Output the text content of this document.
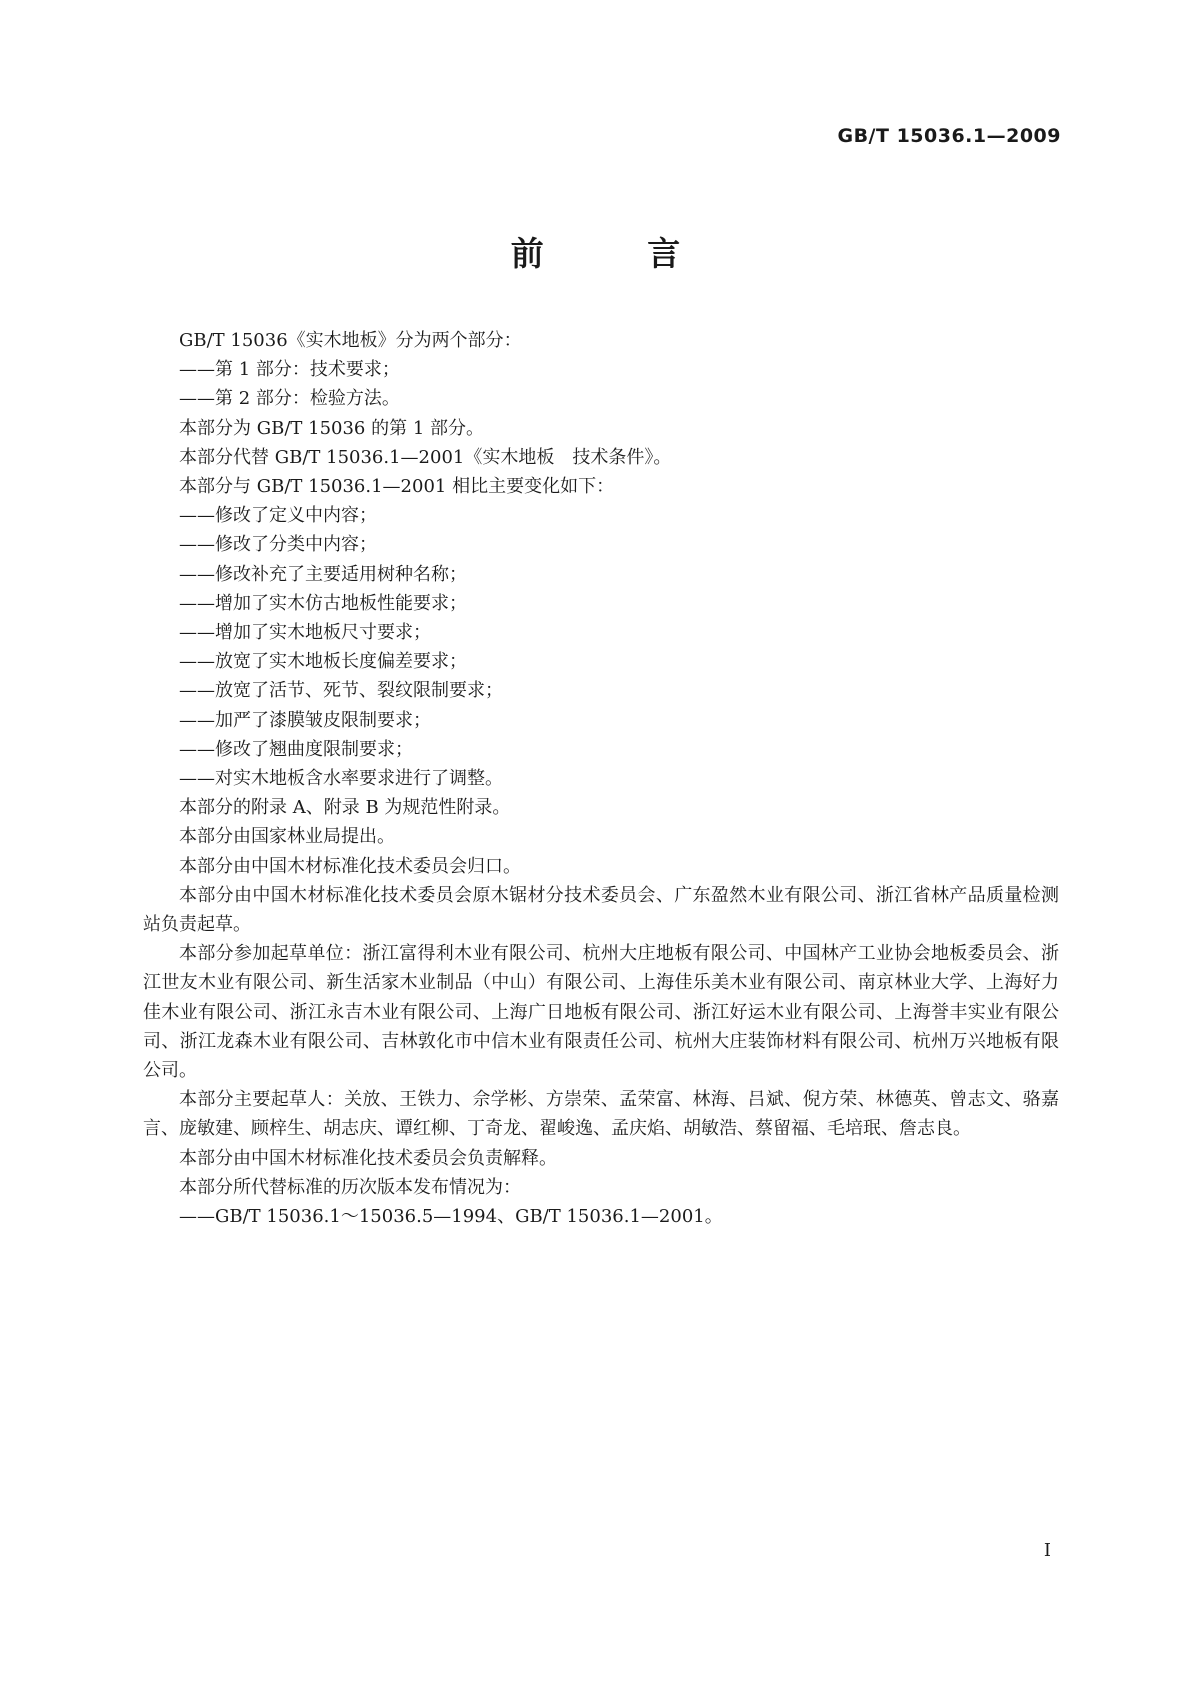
GB/T 15036.1—2009
前 言

GB/T 15036《实木地板》分为两个部分：

——第 1 部分：技术要求；

——第 2 部分：检验方法。

本部分为 GB/T 15036 的第 1 部分。

本部分代替 GB/T 15036.1—2001《实木地板　技术条件》。

本部分与 GB/T 15036.1—2001 相比主要变化如下：

——修改了定义中内容；

——修改了分类中内容；

——修改补充了主要适用树种名称；

——增加了实木仿古地板性能要求；

——增加了实木地板尺寸要求；

——放宽了实木地板长度偏差要求；

——放宽了活节、死节、裂纹限制要求；

——加严了漆膜皱皮限制要求；

——修改了翘曲度限制要求；

——对实木地板含水率要求进行了调整。

本部分的附录 A、附录 B 为规范性附录。

本部分由国家林业局提出。

本部分由中国木材标准化技术委员会归口。

本部分由中国木材标准化技术委员会原木锯材分技术委员会、广东盈然木业有限公司、浙江省林产品质量检测站负责起草。

本部分参加起草单位：浙江富得利木业有限公司、杭州大庄地板有限公司、中国林产工业协会地板委员会、浙江世友木业有限公司、新生活家木业制品（中山）有限公司、上海佳乐美木业有限公司、南京林业大学、上海好力佳木业有限公司、浙江永吉木业有限公司、上海广日地板有限公司、浙江好运木业有限公司、上海誉丰实业有限公司、浙江龙森木业有限公司、吉林敦化市中信木业有限责任公司、杭州大庄装饰材料有限公司、杭州万兴地板有限公司。

本部分主要起草人：关放、王铁力、佘学彬、方崇荣、孟荣富、林海、吕斌、倪方荣、林德英、曾志文、骆嘉言、庞敏建、顾梓生、胡志庆、谭红柳、丁奇龙、翟峻逸、孟庆焰、胡敏浩、蔡留福、毛培珉、詹志良。

本部分由中国木材标准化技术委员会负责解释。

本部分所代替标准的历次版本发布情况为：

——GB/T 15036.1～15036.5—1994、GB/T 15036.1—2001。

I
